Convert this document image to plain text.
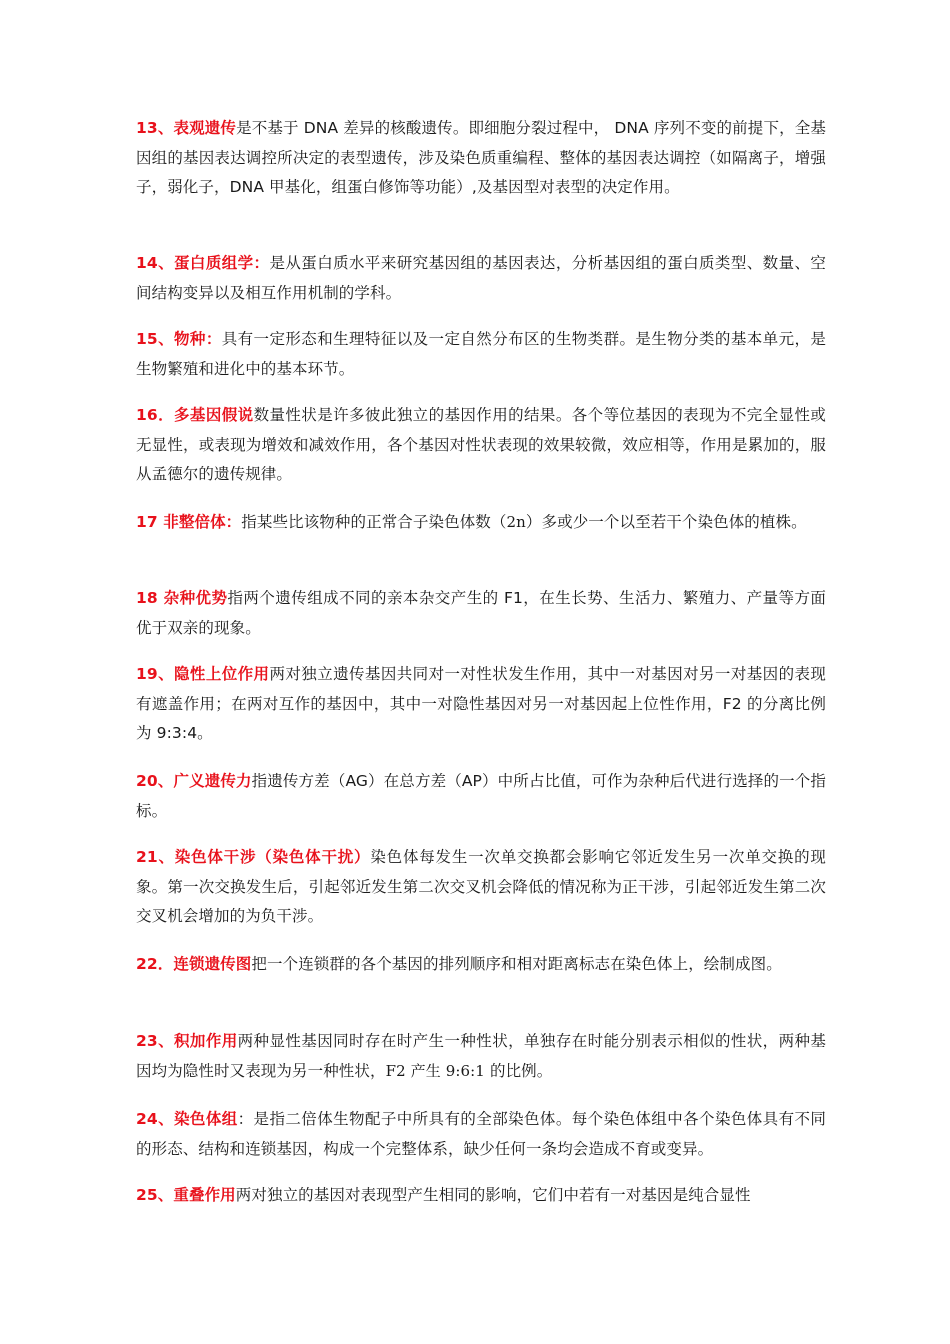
13、表观遗传是不基于 DNA 差异的核酸遗传。即细胞分裂过程中， DNA 序列不变的前提下，全基因组的基因表达调控所决定的表型遗传，涉及染色质重编程、整体的基因表达调控（如隔离子，增强子，弱化子，DNA 甲基化，组蛋白修饰等功能）,及基因型对表型的决定作用。
14、蛋白质组学：是从蛋白质水平来研究基因组的基因表达，分析基因组的蛋白质类型、数量、空间结构变异以及相互作用机制的学科。
15、物种：具有一定形态和生理特征以及一定自然分布区的生物类群。是生物分类的基本单元，是生物繁殖和进化中的基本环节。
16．多基因假说数量性状是许多彼此独立的基因作用的结果。各个等位基因的表现为不完全显性或无显性，或表现为增效和减效作用，各个基因对性状表现的效果较微，效应相等，作用是累加的，服从孟德尔的遗传规律。
17 非整倍体：指某些比该物种的正常合子染色体数（2n）多或少一个以至若干个染色体的植株。
18 杂种优势指两个遗传组成不同的亲本杂交产生的 F1，在生长势、生活力、繁殖力、产量等方面优于双亲的现象。
19、隐性上位作用两对独立遗传基因共同对一对性状发生作用，其中一对基因对另一对基因的表现有遮盖作用；在两对互作的基因中，其中一对隐性基因对另一对基因起上位性作用，F2 的分离比例为 9:3:4。
20、广义遗传力指遗传方差（AG）在总方差（AP）中所占比值，可作为杂种后代进行选择的一个指标。
21、染色体干涉（染色体干扰）染色体每发生一次单交换都会影响它邻近发生另一次单交换的现象。第一次交换发生后，引起邻近发生第二次交叉机会降低的情况称为正干涉，引起邻近发生第二次交叉机会增加的为负干涉。
22．连锁遗传图把一个连锁群的各个基因的排列顺序和相对距离标志在染色体上，绘制成图。
23、积加作用两种显性基因同时存在时产生一种性状，单独存在时能分别表示相似的性状，两种基因均为隐性时又表现为另一种性状，F2 产生 9:6:1 的比例。
24、染色体组：是指二倍体生物配子中所具有的全部染色体。每个染色体组中各个染色体具有不同的形态、结构和连锁基因，构成一个完整体系，缺少任何一条均会造成不育或变异。
25、重叠作用两对独立的基因对表现型产生相同的影响，它们中若有一对基因是纯合显性
